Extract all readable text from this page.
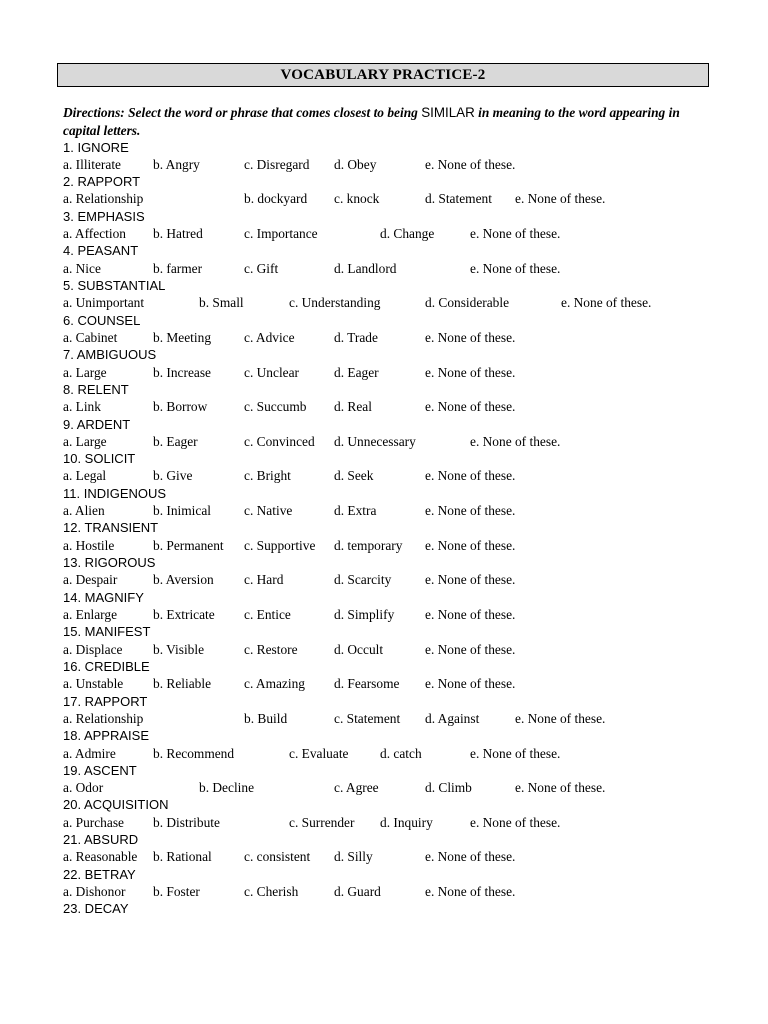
VOCABULARY PRACTICE-2
Directions: Select the word or phrase that comes closest to being SIMILAR in meaning to the word appearing in capital letters.
1. IGNORE
a. Illiterate b. Angry	c. Disregard d. Obey	e. None of these.
2. RAPPORT
a. Relationship	b. dockyard c. knock	d. Statement e. None of these.
3. EMPHASIS
a. Affection b. Hatred	c. Importance	d. Change	e. None of these.
4. PEASANT
a. Nice	b. farmer	c. Gift	d. Landlord	e. None of these.
5. SUBSTANTIAL
a. Unimportant	b. Small	c. Understanding	d. Considerable	e. None of these.
6. COUNSEL
a. Cabinet	b. Meeting c. Advice	d. Trade	e. None of these.
7. AMBIGUOUS
a. Large	b. Increase c. Unclear	d. Eager	e. None of these.
8. RELENT
a. Link	b. Borrow	c. Succumb d. Real	e. None of these.
9. ARDENT
a. Large	b. Eager	c. Convinced d. Unnecessary	e. None of these.
10. SOLICIT
a. Legal	b. Give	c. Bright	d. Seek	e. None of these.
11. INDIGENOUS
a. Alien	b. Inimical c. Native	d. Extra	e. None of these.
12. TRANSIENT
a. Hostile	b. Permanent c. Supportive d. temporary e. None of these.
13. RIGOROUS
a. Despair	b. Aversion c. Hard	d. Scarcity	e. None of these.
14. MAGNIFY
a. Enlarge	b. Extricate c. Entice	d. Simplify e. None of these.
15. MANIFEST
a. Displace b. Visible	c. Restore	d. Occult	e. None of these.
16. CREDIBLE
a. Unstable b. Reliable c. Amazing d. Fearsome e. None of these.
17. RAPPORT
a. Relationship	b. Build	c. Statement d. Against	e. None of these.
18. APPRAISE
a. Admire	b. Recommend	c. Evaluate d. catch	e. None of these.
19. ASCENT
a. Odor	b. Decline	c. Agree	d. Climb	e. None of these.
20. ACQUISITION
a. Purchase b. Distribute	c. Surrender d. Inquiry	e. None of these.
21. ABSURD
a. Reasonable b. Rational c. consistent d. Silly	e. None of these.
22. BETRAY
a. Dishonor b. Foster	c. Cherish	d. Guard	e. None of these.
23. DECAY
